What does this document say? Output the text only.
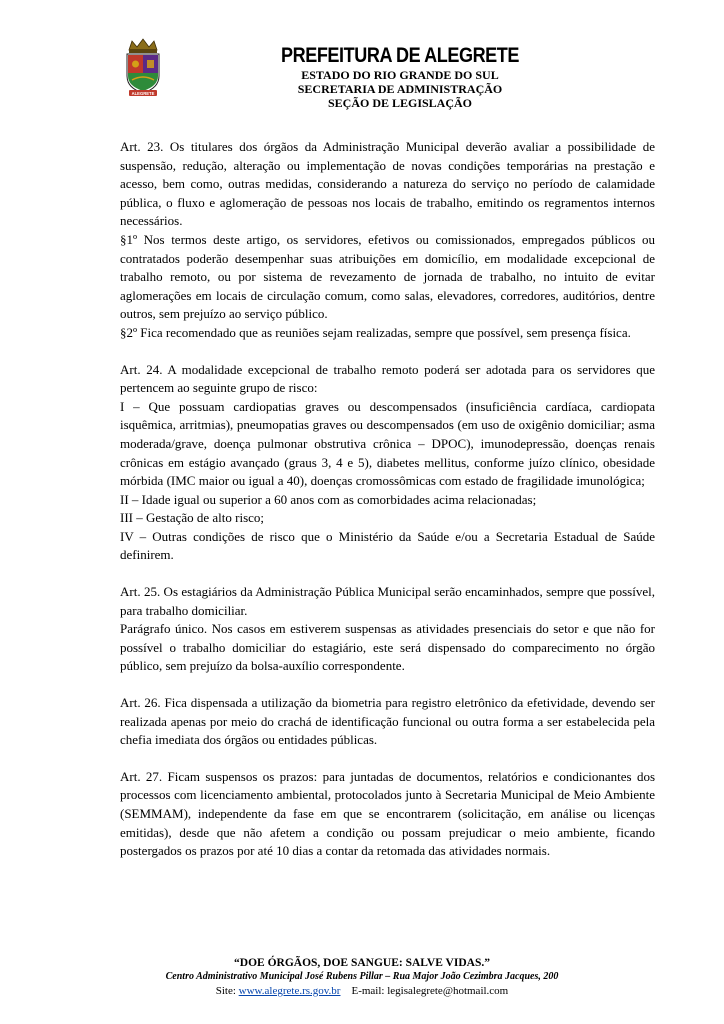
ALEGRETE
PREFEITURA DE ALEGRETE
ESTADO DO RIO GRANDE DO SUL
SECRETARIA DE ADMINISTRAÇÃO
SEÇÃO DE LEGISLAÇÃO

Art. 23. Os titulares dos órgãos da Administração Municipal deverão avaliar a possibilidade de suspensão, redução, alteração ou implementação de novas condições temporárias na prestação e acesso, bem como, outras medidas, considerando a natureza do serviço no período de calamidade pública, o fluxo e aglomeração de pessoas nos locais de trabalho, emitindo os regramentos internos necessários.

§1º Nos termos deste artigo, os servidores, efetivos ou comissionados, empregados públicos ou contratados poderão desempenhar suas atribuições em domicílio, em modalidade excepcional de trabalho remoto, ou por sistema de revezamento de jornada de trabalho, no intuito de evitar aglomerações em locais de circulação comum, como salas, elevadores, corredores, auditórios, dentre outros, sem prejuízo ao serviço público.

§2º Fica recomendado que as reuniões sejam realizadas, sempre que possível, sem presença física.

Art. 24. A modalidade excepcional de trabalho remoto poderá ser adotada para os servidores que pertencem ao seguinte grupo de risco:

I – Que possuam cardiopatias graves ou descompensados (insuficiência cardíaca, cardiopata isquêmica, arritmias), pneumopatias graves ou descompensados (em uso de oxigênio domiciliar; asma moderada/grave, doença pulmonar obstrutiva crônica – DPOC), imunodepressão, doenças renais crônicas em estágio avançado (graus 3, 4 e 5), diabetes mellitus, conforme juízo clínico, obesidade mórbida (IMC maior ou igual a 40), doenças cromossômicas com estado de fragilidade imunológica;

II – Idade igual ou superior a 60 anos com as comorbidades acima relacionadas;

III – Gestação de alto risco;

IV – Outras condições de risco que o Ministério da Saúde e/ou a Secretaria Estadual de Saúde definirem.

Art. 25. Os estagiários da Administração Pública Municipal serão encaminhados, sempre que possível, para trabalho domiciliar.

Parágrafo único. Nos casos em estiverem suspensas as atividades presenciais do setor e que não for possível o trabalho domiciliar do estagiário, este será dispensado do comparecimento no órgão público, sem prejuízo da bolsa-auxílio correspondente.

Art. 26. Fica dispensada a utilização da biometria para registro eletrônico da efetividade, devendo ser realizada apenas por meio do crachá de identificação funcional ou outra forma a ser estabelecida pela chefia imediata dos órgãos ou entidades públicas.

Art. 27. Ficam suspensos os prazos: para juntadas de documentos, relatórios e condicionantes dos processos com licenciamento ambiental, protocolados junto à Secretaria Municipal de Meio Ambiente (SEMMAM), independente da fase em que se encontrarem (solicitação, em análise ou licenças emitidas), desde que não afetem a condição ou possam prejudicar o meio ambiente, ficando postergados os prazos por até 10 dias a contar da retomada das atividades normais.

“DOE ÓRGÃOS, DOE SANGUE: SALVE VIDAS.”
Centro Administrativo Municipal José Rubens Pillar – Rua Major João Cezimbra Jacques, 200
Site: www.alegrete.rs.gov.br E-mail: legisalegrete@hotmail.com
